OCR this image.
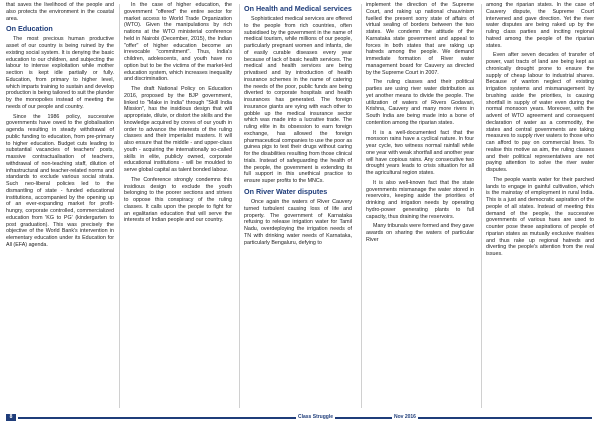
that saves the livelihood of the people and also protects the environment in the coastal area.

On Education

The most precious human productive asset of our country is being ruined by the existing social system. It is denying the basic education to our children, and subjecting the labour to intense exploitation while mother section is kept idle partially or fully. Education, from primary to higher level, which imparts training to sustain and develop production is being tailored to suit the plunder by the monopolies instead of meeting the needs of our people and country.

Since the 1986 policy, successive governments have owed to the globalisation agenda resulting in steady withdrawal of public funding to education, from pre-primary to higher education. Budget cuts leading to substantial vacancies of teachers' posts, massive contractualisation of teachers, withdrawal of non-teaching staff, dilution of infrastructural and teacher-related norms and standards to exclude various social strata. Such neo-liberal policies led to the dismantling of state - funded educational institutions, accompanied by the opening up of an ever-expanding market for profit-hungry, corporate controlled, commercialized education from 'KG to PG' (kindergarten to post graduation). This was precisely the objective of the World Bank's intervention in elementary education under its Education for All (EFA) agenda.

In the case of higher education, the government "offered" the entire sector for market access to World Trade Organization (WTO). Given the manipulations by rich nations at the WTO ministerial conference held in Nairobi (December, 2015), the Indian "offer" of higher education become an irrevocable "commitment". Thus, India's children, adolescents, and youth have no option but to be the victims of the market-led education system, which increases inequality and discrimination.

The draft National Policy on Education 2016, proposed by the BJP government, linked to "Make in India" through "Skill India Mission", has the insidious design that will appropriate, dilute, or distort the skills and the knowledge acquired by crores of our youth in order to advance the interests of the ruling classes and their imperialist masters. It will also ensure that the middle - and upper-class youth - acquiring the internationally so-called skills in elite, publicly owned, corporate educational institutions - will be moulded to serve global capital as talent bonded labour.

The Conference strongly condemns this insidious design to exclude the youth belonging to the poorer sections and strives to oppose this conspiracy of the ruling classes. It calls upon the people to fight for an egalitarian education that will serve the interests of Indian people and our country.

On Health and Medical services

Sophisticated medical services are offered to the people from rich countries, often subsidised by the government in the name of medical tourism, while millions of our people, particularly pregnant women and infants, die of easily curable diseases every year because of lack of basic health services. The medical and health services are being privatised and by introduction of health insurance schemes in the name of catering the needs of the poor, public funds are being diverted to corporate hospitals and health insurances has generated. The foreign insurance giants are vying with each other to gobble up the medical insurance sector which was made into a lucrative trade. The ruling elite in its obsession to earn foreign exchange, has allowed the foreign pharmaceutical companies to use the poor as guinea pigs to test their drugs without caring for the disabilities resulting from those clinical trials. Instead of safeguarding the health of the people, the government is extending its full support in this unethical practice to ensure super profits to the MNCs.

On River Water disputes

Once again the waters of River Cauvery turned turbulent causing loss of life and property. The government of Karnataka refusing to release irrigation water for Tamil Nadu, overdeploying the irrigation needs of TN with drinking water needs of Karnataka, particularly Bengaluru, defying to

implement the direction of the Supreme Court, and raking up national chauvinism fuelled the present sorry state of affairs of virtual sealing of borders between the two states. We condemn the attitude of the Karnataka state government and appeal to forces in both states that are raking up hatreds among the people. We demand immediate formation of River water management board for Cauvery as directed by the Supreme Court in 2007.

The ruling classes and their political parties are using river water distribution as yet another means to divide the people. The utilization of waters of Rivers Godavari, Krishna, Cauvery and many more rivers in South India are being made into a bone of contention among the riparian states.

It is a well-documented fact that the monsoon rains have a cyclical nature. In four year cycle, two witness normal rainfall while one year with weak shortfall and another year will have copious rains. Any consecutive two drought years leads to crisis situation for all the agricultural region states.

It is also well-known fact that the state governments mismanage the water stored in reservoirs, keeping aside the priorities of drinking and irrigation needs by operating hydro-power generating plants to full capacity, thus draining the reservoirs.

Many tribunals were formed and they gave awards on sharing the waters of particular River

among the riparian states. In the case of Cauvery dispute, the Supreme Court intervened and gave direction. Yet the river water disputes are being raked up by the ruling class parties and inciting regional hatred among the people of the riparian states.

Even after seven decades of transfer of power, vast tracts of land are being kept as chronically drought prone to ensure the supply of cheap labour to industrial shares. Because of wanton neglect of existing irrigation systems and mismanagement by brushing aside the priorities, is causing shortfall in supply of water even during the normal monsoon years. Moreover, with the advent of WTO agreement and consequent declaration of water as a commodity, the states and central governments are taking measures to supply river waters to those who can afford to pay on commercial lines. To realise this motive as aim, the ruling classes and their political representatives are not paying attention to solve the river water disputes.

The people wants water for their parched lands to engage in gainful cultivation, which is the mainstay of employment in rural India. This is a just and democratic aspiration of the people of all states. Instead of meeting this demand of the people, the successive governments of various hues are used to counter pose these aspirations of people of riparian states as mutually exclusive rivalries and thus rake up regional hatreds and diverting the people's attention from the real issues.

8	Class Struggle	Nov 2016
